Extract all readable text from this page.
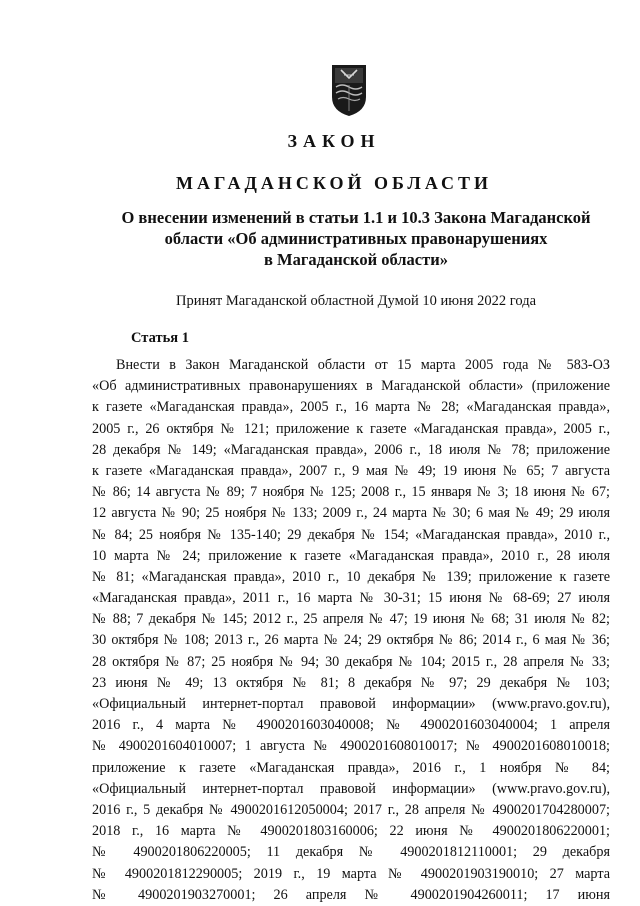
ЗАКОН
МАГАДАНСКОЙ ОБЛАСТИ
О внесении изменений в статьи 1.1 и 10.3 Закона Магаданской
области «Об административных правонарушениях
в Магаданской области»
Принят Магаданской областной Думой 10 июня 2022 года
Статья 1
Внести в Закон Магаданской области от 15 марта 2005 года № 583-ОЗ
«Об административных правонарушениях в Магаданской области» (приложение
к газете «Магаданская правда», 2005 г., 16 марта № 28; «Магаданская правда»,
2005 г., 26 октября № 121; приложение к газете «Магаданская правда», 2005 г.,
28 декабря № 149; «Магаданская правда», 2006 г., 18 июля № 78; приложение
к газете «Магаданская правда», 2007 г., 9 мая № 49; 19 июня № 65; 7 августа
№ 86; 14 августа № 89; 7 ноября № 125; 2008 г., 15 января № 3; 18 июня № 67;
12 августа № 90; 25 ноября № 133; 2009 г., 24 марта № 30; 6 мая № 49; 29 июля
№ 84; 25 ноября № 135-140; 29 декабря № 154; «Магаданская правда», 2010 г.,
10 марта № 24; приложение к газете «Магаданская правда», 2010 г., 28 июля
№ 81; «Магаданская правда», 2010 г., 10 декабря № 139; приложение к газете
«Магаданская правда», 2011 г., 16 марта № 30-31; 15 июня № 68-69; 27 июля
№ 88; 7 декабря № 145; 2012 г., 25 апреля № 47; 19 июня № 68; 31 июля № 82;
30 октября № 108; 2013 г., 26 марта № 24; 29 октября № 86; 2014 г., 6 мая № 36;
28 октября № 87; 25 ноября № 94; 30 декабря № 104; 2015 г., 28 апреля № 33;
23 июня № 49; 13 октября № 81; 8 декабря № 97; 29 декабря № 103;
«Официальный интернет-портал правовой информации» (www.pravo.gov.ru),
2016 г., 4 марта № 4900201603040008; № 4900201603040004; 1 апреля
№ 4900201604010007; 1 августа № 4900201608010017; № 4900201608010018;
приложение к газете «Магаданская правда», 2016 г., 1 ноября № 84;
«Официальный интернет-портал правовой информации» (www.pravo.gov.ru),
2016 г., 5 декабря № 4900201612050004; 2017 г., 28 апреля № 4900201704280007;
2018 г., 16 марта № 4900201803160006; 22 июня № 4900201806220001;
№ 4900201806220005; 11 декабря № 4900201812110001; 29 декабря
№ 4900201812290005; 2019 г., 19 марта № 4900201903190010; 27 марта
№ 4900201903270001; 26 апреля № 4900201904260011; 17 июня
